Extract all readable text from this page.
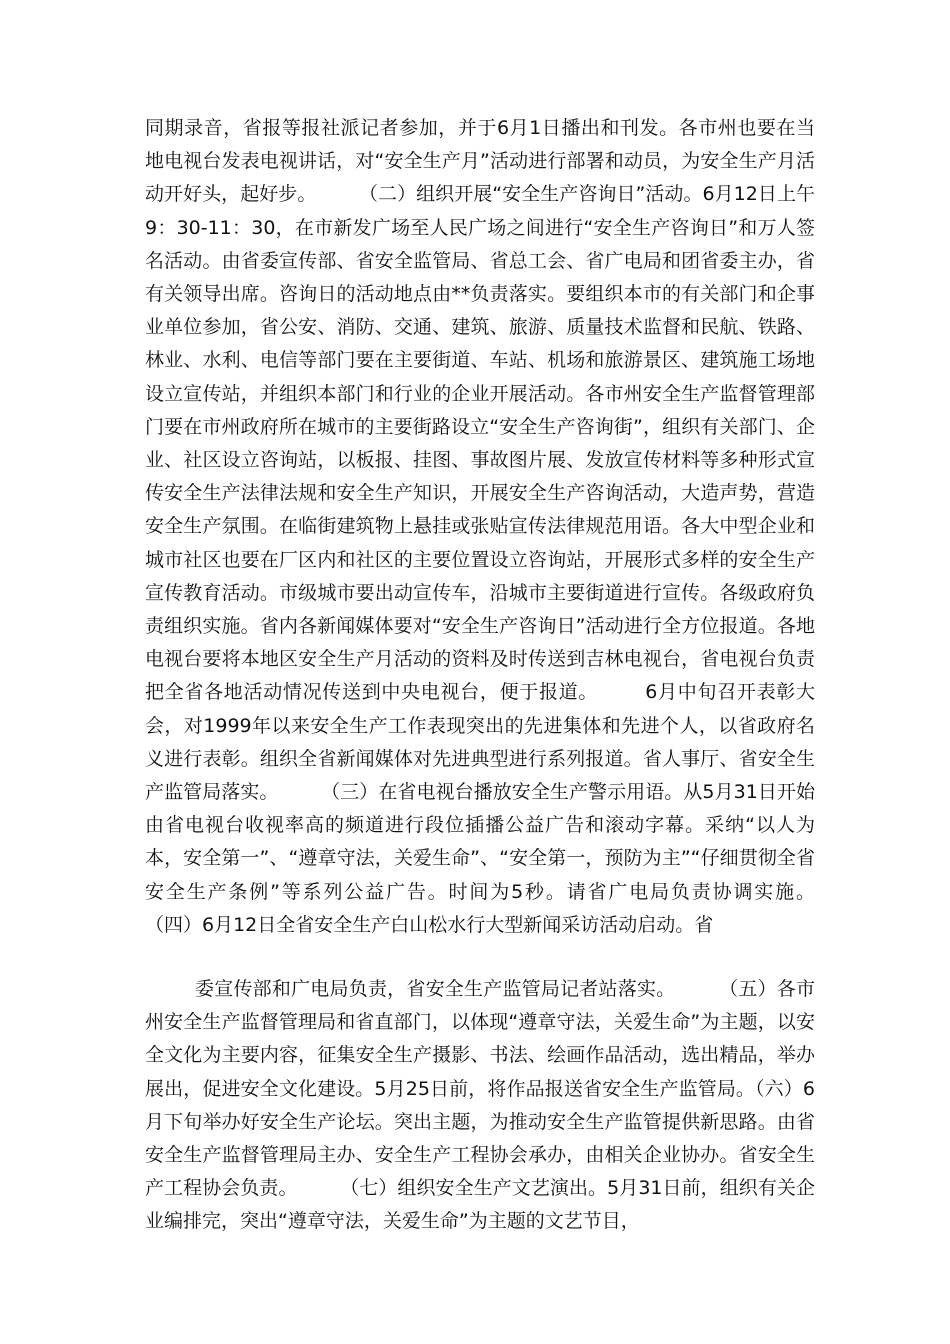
同期录音，省报等报社派记者参加，并于6月1日播出和刊发。各市州也要在当地电视台发表电视讲话，对“安全生产月”活动进行部署和动员，为安全生产月活动开好头，起好步。       （二）组织开展“安全生产咨询日”活动。6月12日上午9：30-11：30，在市新发广场至人民广场之间进行“安全生产咨询日”和万人签名活动。由省委宣传部、省安全监管局、省总工会、省广电局和团省委主办，省有关领导出席。咨询日的活动地点由**负责落实。要组织本市的有关部门和企事业单位参加，省公安、消防、交通、建筑、旅游、质量技术监督和民航、铁路、林业、水利、电信等部门要在主要街道、车站、机场和旅游景区、建筑施工场地设立宣传站，并组织本部门和行业的企业开展活动。各市州安全生产监督管理部门要在市州政府所在城市的主要街路设立“安全生产咨询街”，组织有关部门、企业、社区设立咨询站，以板报、挂图、事故图片展、发放宣传材料等多种形式宣传安全生产法律法规和安全生产知识，开展安全生产咨询活动，大造声势，营造安全生产氛围。在临街建筑物上悬挂或张贴宣传法律规范用语。各大中型企业和城市社区也要在厂区内和社区的主要位置设立咨询站，开展形式多样的安全生产宣传教育活动。市级城市要出动宣传车，沿城市主要街道进行宣传。各级政府负责组织实施。省内各新闻媒体要对“安全生产咨询日”活动进行全方位报道。各地电视台要将本地区安全生产月活动的资料及时传送到吉林电视台，省电视台负责把全省各地活动情况传送到中央电视台，便于报道。       6月中旬召开表彰大会，对1999年以来安全生产工作表现突出的先进集体和先进个人，以省政府名义进行表彰。组织全省新闻媒体对先进典型进行系列报道。省人事厅、省安全生产监管局落实。       （三）在省电视台播放安全生产警示用语。从5月31日开始由省电视台收视率高的频道进行段位插播公益广告和滚动字幕。采纳“以人为本，安全第一”、“遵章守法，关爱生命”、“安全第一，预防为主”“仔细贯彻全省安全生产条例”等系列公益广告。时间为5秒。请省广电局负责协调实施。       （四）6月12日全省安全生产白山松水行大型新闻采访活动启动。省
委宣传部和广电局负责，省安全生产监管局记者站落实。       （五）各市州安全生产监督管理局和省直部门，以体现“遵章守法，关爱生命”为主题，以安全文化为主要内容，征集安全生产摄影、书法、绘画作品活动，选出精品，举办展出，促进安全文化建设。5月25日前，将作品报送省安全生产监管局。（六）6月下旬举办好安全生产论坛。突出主题，为推动安全生产监管提供新思路。由省安全生产监督管理局主办、安全生产工程协会承办，由相关企业协办。省安全生产工程协会负责。       （七）组织安全生产文艺演出。5月31日前，组织有关企业编排完，突出“遵章守法，关爱生命”为主题的文艺节目，
